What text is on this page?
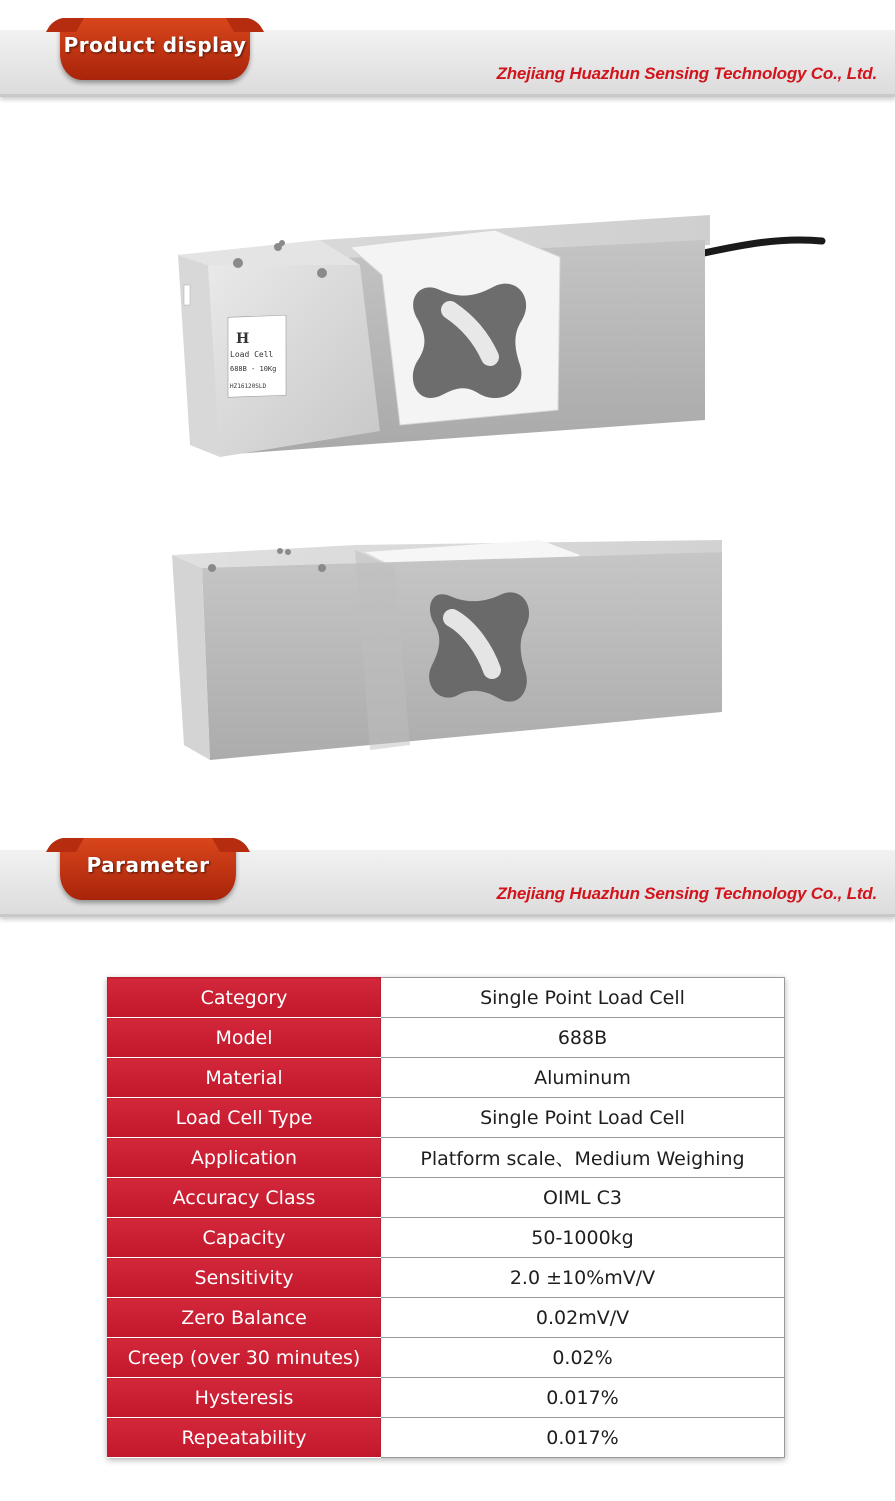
Product display
Zhejiang Huazhun Sensing Technology Co., Ltd.
H
Load Cell
688B - 10Kg
HZ16120SLD
Parameter
Zhejiang Huazhun Sensing Technology Co., Ltd.
Category	Single Point Load Cell
Model	688B
Material	Aluminum
Load Cell Type	Single Point Load Cell
Application	Platform scale、Medium Weighing
Accuracy Class	OIML C3
Capacity	50-1000kg
Sensitivity	2.0 ±10%mV/V
Zero Balance	0.02mV/V
Creep (over 30 minutes)	0.02%
Hysteresis	0.017%
Repeatability	0.017%
